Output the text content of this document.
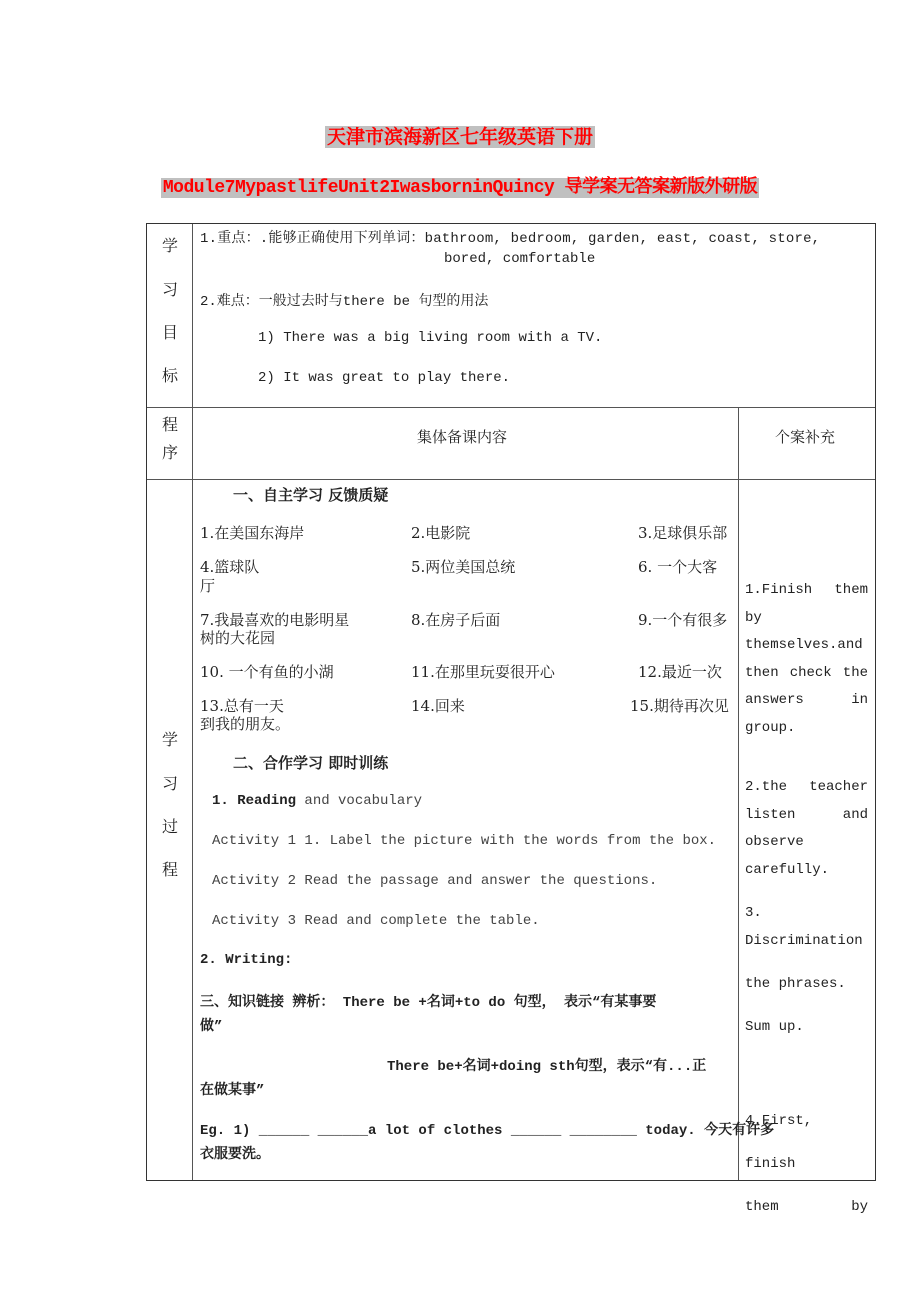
天津市滨海新区七年级英语下册
Module7MypastlifeUnit2IwasborninQuincy 导学案无答案新版外研版
学
习
目
标
1.重点：.能够正确使用下列单词：bathroom, bedroom, garden, east, coast, store,
bored, comfortable
2.难点：一般过去时与there be 句型的用法
1) There was a big living room with a TV.
2) It was great to play there.
程
序
集体备课内容	个案补充
学
习
过
程
一、自主学习 反馈质疑
1.在美国东海岸	2.电影院	3.足球俱乐部
4.篮球队	5.两位美国总统	6. 一个大客
厅
7.我最喜欢的电影明星	8.在房子后面	9.一个有很多
树的大花园
10. 一个有鱼的小湖	11.在那里玩耍很开心	12.最近一次
13.总有一天	14.回来	15.期待再次见
到我的朋友。
二、合作学习 即时训练
1. Reading and vocabulary
Activity 1 1. Label the picture with the words from the box.
Activity 2 Read the passage and answer the questions.
Activity 3 Read and complete the table.
2. Writing:
三、知识链接 辨析： There be +名词+to do 句型， 表示“有某事要
做”
There be+名词+doing sth句型，表示“有...正
在做某事”
Eg. 1) ______ ______a lot of clothes ______ ________ today. 今天有许多
衣服要洗。
1.Finish them by
themselves.and
then check the
answers in
group.
2.the teacher
listen and
observe
carefully.
3.
Discrimination
the phrases.
Sum up.
4.First, finish
them by
